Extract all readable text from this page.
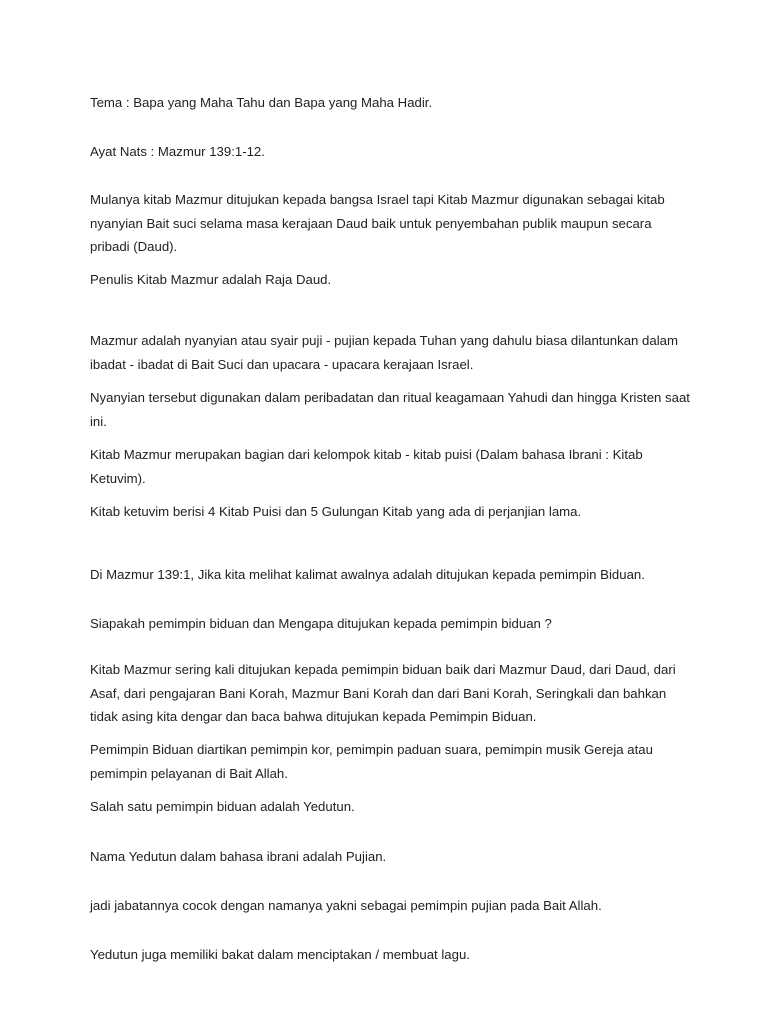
Tema : Bapa yang Maha Tahu dan Bapa yang Maha Hadir.

Ayat Nats : Mazmur 139:1-12.

Mulanya kitab Mazmur ditujukan kepada bangsa Israel tapi Kitab Mazmur digunakan sebagai kitab nyanyian Bait suci selama masa kerajaan Daud baik untuk penyembahan publik maupun secara pribadi (Daud).

Penulis Kitab Mazmur adalah Raja Daud.

Mazmur adalah nyanyian atau syair puji - pujian kepada Tuhan yang dahulu biasa dilantunkan dalam ibadat - ibadat di Bait Suci dan upacara - upacara kerajaan Israel.

Nyanyian tersebut digunakan dalam peribadatan dan ritual keagamaan Yahudi dan hingga Kristen saat ini.

Kitab Mazmur merupakan bagian dari kelompok kitab - kitab puisi (Dalam bahasa Ibrani : Kitab Ketuvim).

Kitab ketuvim berisi 4 Kitab Puisi dan 5 Gulungan Kitab yang ada di perjanjian lama.

Di Mazmur 139:1, Jika kita melihat kalimat awalnya adalah ditujukan kepada pemimpin Biduan.

Siapakah pemimpin biduan dan Mengapa ditujukan kepada pemimpin biduan ?

Kitab Mazmur sering kali ditujukan kepada pemimpin biduan baik dari Mazmur Daud, dari Daud, dari Asaf, dari pengajaran Bani Korah, Mazmur Bani Korah dan dari Bani Korah, Seringkali dan bahkan tidak asing kita dengar dan baca bahwa ditujukan kepada Pemimpin Biduan.

Pemimpin Biduan diartikan pemimpin kor, pemimpin paduan suara, pemimpin musik Gereja atau pemimpin pelayanan di Bait Allah.

Salah satu pemimpin biduan adalah Yedutun.

Nama Yedutun dalam bahasa ibrani adalah Pujian.

jadi jabatannya cocok dengan namanya yakni sebagai pemimpin pujian pada Bait Allah.

Yedutun juga memiliki bakat dalam menciptakan / membuat lagu.
